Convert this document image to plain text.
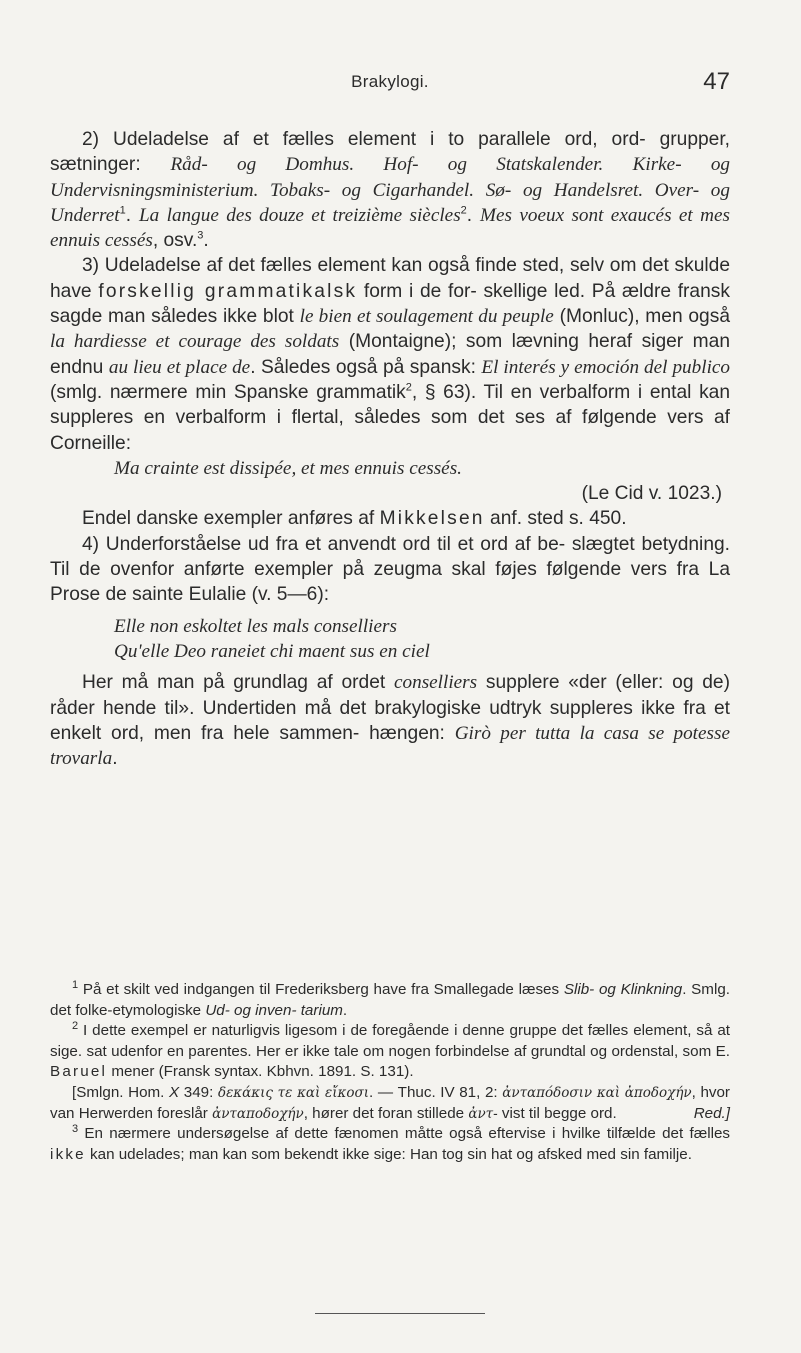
Brakylogi.	47

2) Udeladelse af et fælles element i to parallele ord, ord- grupper, sætninger: Råd- og Domhus. Hof- og Statskalender. Kirke- og Undervisningsministerium. Tobaks- og Cigarhandel. Sø- og Handelsret. Over- og Underret$^1$. La langue des douze et treizième siècles$^2$. Mes voeux sont exaucés et mes ennuis cessés, osv.$^3$.

3) Udeladelse af det fælles element kan også finde sted, selv om det skulde have forskellig grammatikalsk form i de for- skellige led. På ældre fransk sagde man således ikke blot le bien et soulagement du peuple (Monluc), men også la hardiesse et courage des soldats (Montaigne); som lævning heraf siger man endnu au lieu et place de. Således også på spansk: El interés y emoción del publico (smlg. nærmere min Spanske grammatik$^2$, § 63). Til en verbalform i ental kan suppleres en verbalform i flertal, således som det ses af følgende vers af Corneille:

Ma crainte est dissipée, et mes ennuis cessés.

(Le Cid v. 1023.)

Endel danske exempler anføres af Mikkelsen anf. sted s. 450.

4) Underforståelse ud fra et anvendt ord til et ord af be- slægtet betydning. Til de ovenfor anførte exempler på zeugma skal føjes følgende vers fra La Prose de sainte Eulalie (v. 5—6):

Elle non eskoltet les mals conselliers

Qu'elle Deo raneiet chi maent sus en ciel

Her må man på grundlag af ordet conselliers supplere «der (eller: og de) råder hende til». Undertiden må det brakylogiske udtryk suppleres ikke fra et enkelt ord, men fra hele sammen- hængen: Girò per tutta la casa se potesse trovarla.

$^1$ På et skilt ved indgangen til Frederiksberg have fra Smallegade læses Slib- og Klinkning. Smlg. det folke-etymologiske Ud- og inven- tarium.

$^2$ I dette exempel er naturligvis ligesom i de foregående i denne gruppe det fælles element, så at sige. sat udenfor en parentes. Her er ikke tale om nogen forbindelse af grundtal og ordenstal, som E. Baruel mener (Fransk syntax. Kbhvn. 1891. S. 131).

[Smlgn. Hom. X 349: δεκάκις τε καὶ εἴκοσι. — Thuc. IV 81, 2: ἀνταπόδοσιν καὶ ἀποδοχήν, hvor van Herwerden foreslår ἀνταποδοχήν, hører det foran stillede ἀντ- vist til begge ord.	Red.]

$^3$ En nærmere undersøgelse af dette fænomen måtte også eftervise i hvilke tilfælde det fælles ikke kan udelades; man kan som bekendt ikke sige: Han tog sin hat og afsked med sin familje.
